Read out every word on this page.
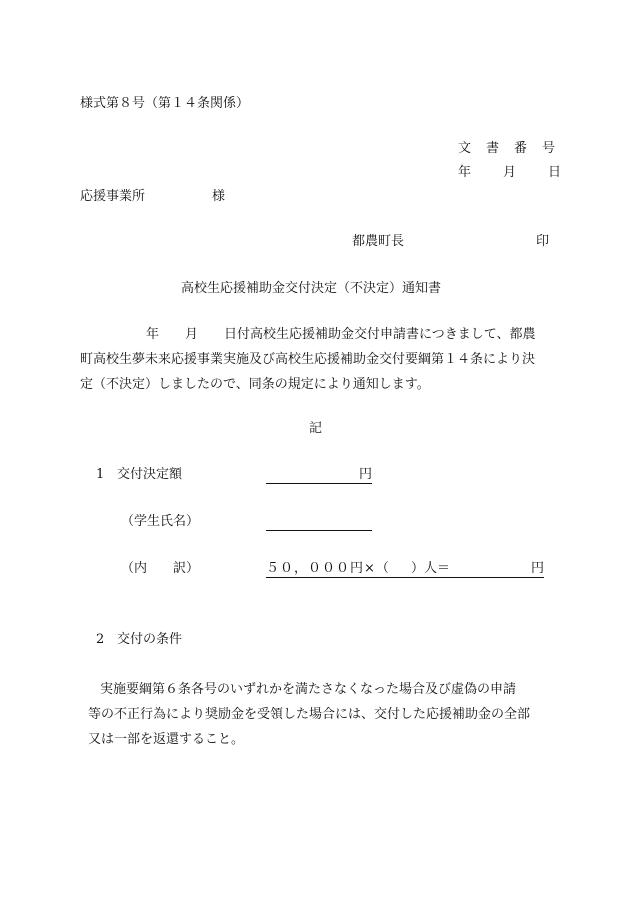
様式第８号（第１４条関係）
文　書　番　号
年　　月　　日
応援事業所	様
都農町長	印
高校生応援補助金交付決定（不決定）通知書
年　　月　　日付高校生応援補助金交付申請書につきまして、都農
町高校生夢未来応援事業実施及び高校生応援補助金交付要綱第１４条により決
定（不決定）しましたので、同条の規定により通知します。
記
1 交付決定額	円
（学生氏名）
（内　　訳）	５０，０００円×（ ）人＝	円
2 交付の条件
実施要綱第６条各号のいずれかを満たさなくなった場合及び虚偽の申請
等の不正行為により奨励金を受領した場合には、交付した応援補助金の全部
又は一部を返還すること。
